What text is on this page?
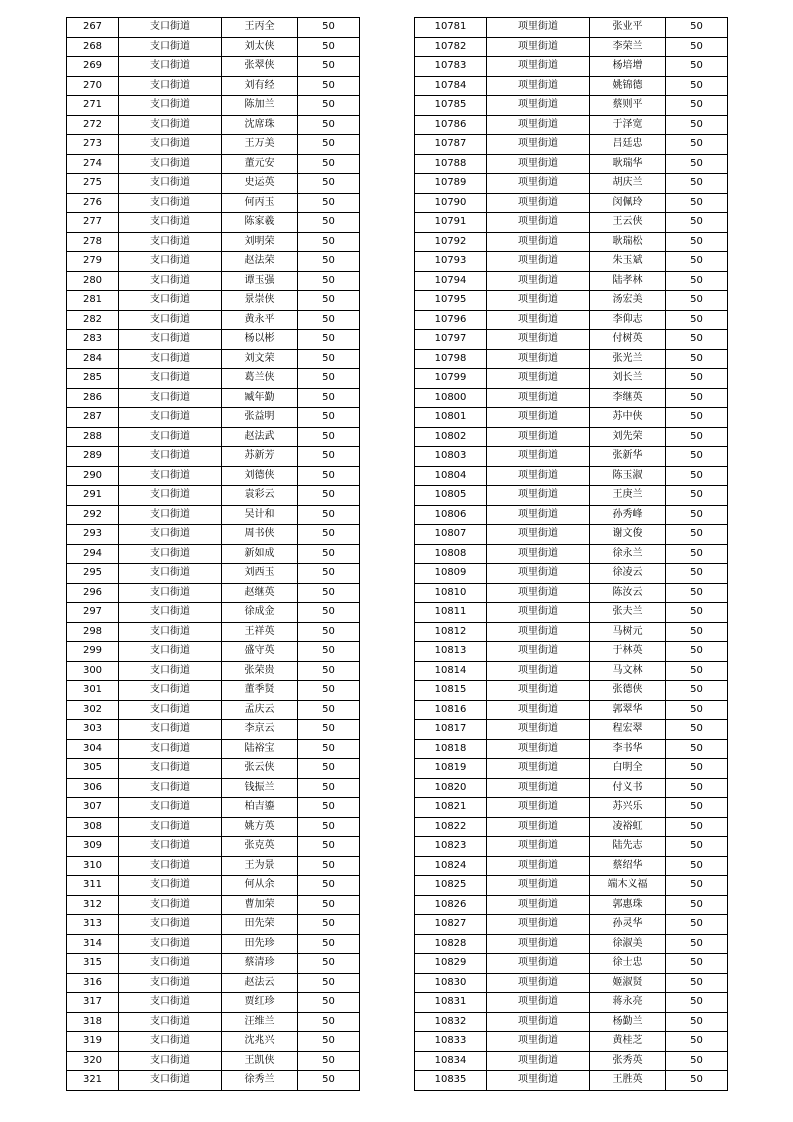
267	支口街道	王丙全	50
268	支口街道	刘太侠	50
269	支口街道	张翠侠	50
270	支口街道	刘有经	50
271	支口街道	陈加兰	50
272	支口街道	沈席珠	50
273	支口街道	王万美	50
274	支口街道	董元安	50
275	支口街道	史运英	50
276	支口街道	何丙玉	50
277	支口街道	陈家羲	50
278	支口街道	刘明荣	50
279	支口街道	赵法荣	50
280	支口街道	谭玉强	50
281	支口街道	景崇侠	50
282	支口街道	黄永平	50
283	支口街道	杨以彬	50
284	支口街道	刘文荣	50
285	支口街道	葛兰侠	50
286	支口街道	臧年勤	50
287	支口街道	张益明	50
288	支口街道	赵法武	50
289	支口街道	苏新芳	50
290	支口街道	刘德侠	50
291	支口街道	袁彩云	50
292	支口街道	吴计和	50
293	支口街道	周书侠	50
294	支口街道	新如成	50
295	支口街道	刘西玉	50
296	支口街道	赵继英	50
297	支口街道	徐成金	50
298	支口街道	王祥英	50
299	支口街道	盛守英	50
300	支口街道	张荣贵	50
301	支口街道	董季贤	50
302	支口街道	孟庆云	50
303	支口街道	李京云	50
304	支口街道	陆裕宝	50
305	支口街道	张云侠	50
306	支口街道	钱振兰	50
307	支口街道	柏吉鎏	50
308	支口街道	姚方英	50
309	支口街道	张克英	50
310	支口街道	王为景	50
311	支口街道	何从余	50
312	支口街道	曹加荣	50
313	支口街道	田先荣	50
314	支口街道	田先珍	50
315	支口街道	蔡清珍	50
316	支口街道	赵法云	50
317	支口街道	贾红珍	50
318	支口街道	汪维兰	50
319	支口街道	沈兆兴	50
320	支口街道	王凯侠	50
321	支口街道	徐秀兰	50
10781	项里街道	张业平	50
10782	项里街道	李荣兰	50
10783	项里街道	杨培增	50
10784	项里街道	姚锦德	50
10785	项里街道	蔡则平	50
10786	项里街道	于泽宽	50
10787	项里街道	吕廷忠	50
10788	项里街道	耿瑞华	50
10789	项里街道	胡庆兰	50
10790	项里街道	闵佩玲	50
10791	项里街道	王云侠	50
10792	项里街道	耿瑞松	50
10793	项里街道	朱玉斌	50
10794	项里街道	陆孝林	50
10795	项里街道	汤宏美	50
10796	项里街道	李仰志	50
10797	项里街道	付树英	50
10798	项里街道	张光兰	50
10799	项里街道	刘长兰	50
10800	项里街道	李继英	50
10801	项里街道	苏中侠	50
10802	项里街道	刘先荣	50
10803	项里街道	张新华	50
10804	项里街道	陈玉淑	50
10805	项里街道	王庚兰	50
10806	项里街道	孙秀峰	50
10807	项里街道	谢文俊	50
10808	项里街道	徐永兰	50
10809	项里街道	徐凌云	50
10810	项里街道	陈汝云	50
10811	项里街道	张夫兰	50
10812	项里街道	马树元	50
10813	项里街道	于林英	50
10814	项里街道	马文林	50
10815	项里街道	张德侠	50
10816	项里街道	郭翠华	50
10817	项里街道	程宏翠	50
10818	项里街道	李书华	50
10819	项里街道	白明全	50
10820	项里街道	付义书	50
10821	项里街道	苏兴乐	50
10822	项里街道	凌裕虹	50
10823	项里街道	陆先志	50
10824	项里街道	蔡绍华	50
10825	项里街道	端木义福	50
10826	项里街道	郭惠珠	50
10827	项里街道	孙灵华	50
10828	项里街道	徐淑美	50
10829	项里街道	徐士忠	50
10830	项里街道	姬淑贤	50
10831	项里街道	蒋永亮	50
10832	项里街道	杨勤兰	50
10833	项里街道	黄桂芝	50
10834	项里街道	张秀英	50
10835	项里街道	王胜英	50
